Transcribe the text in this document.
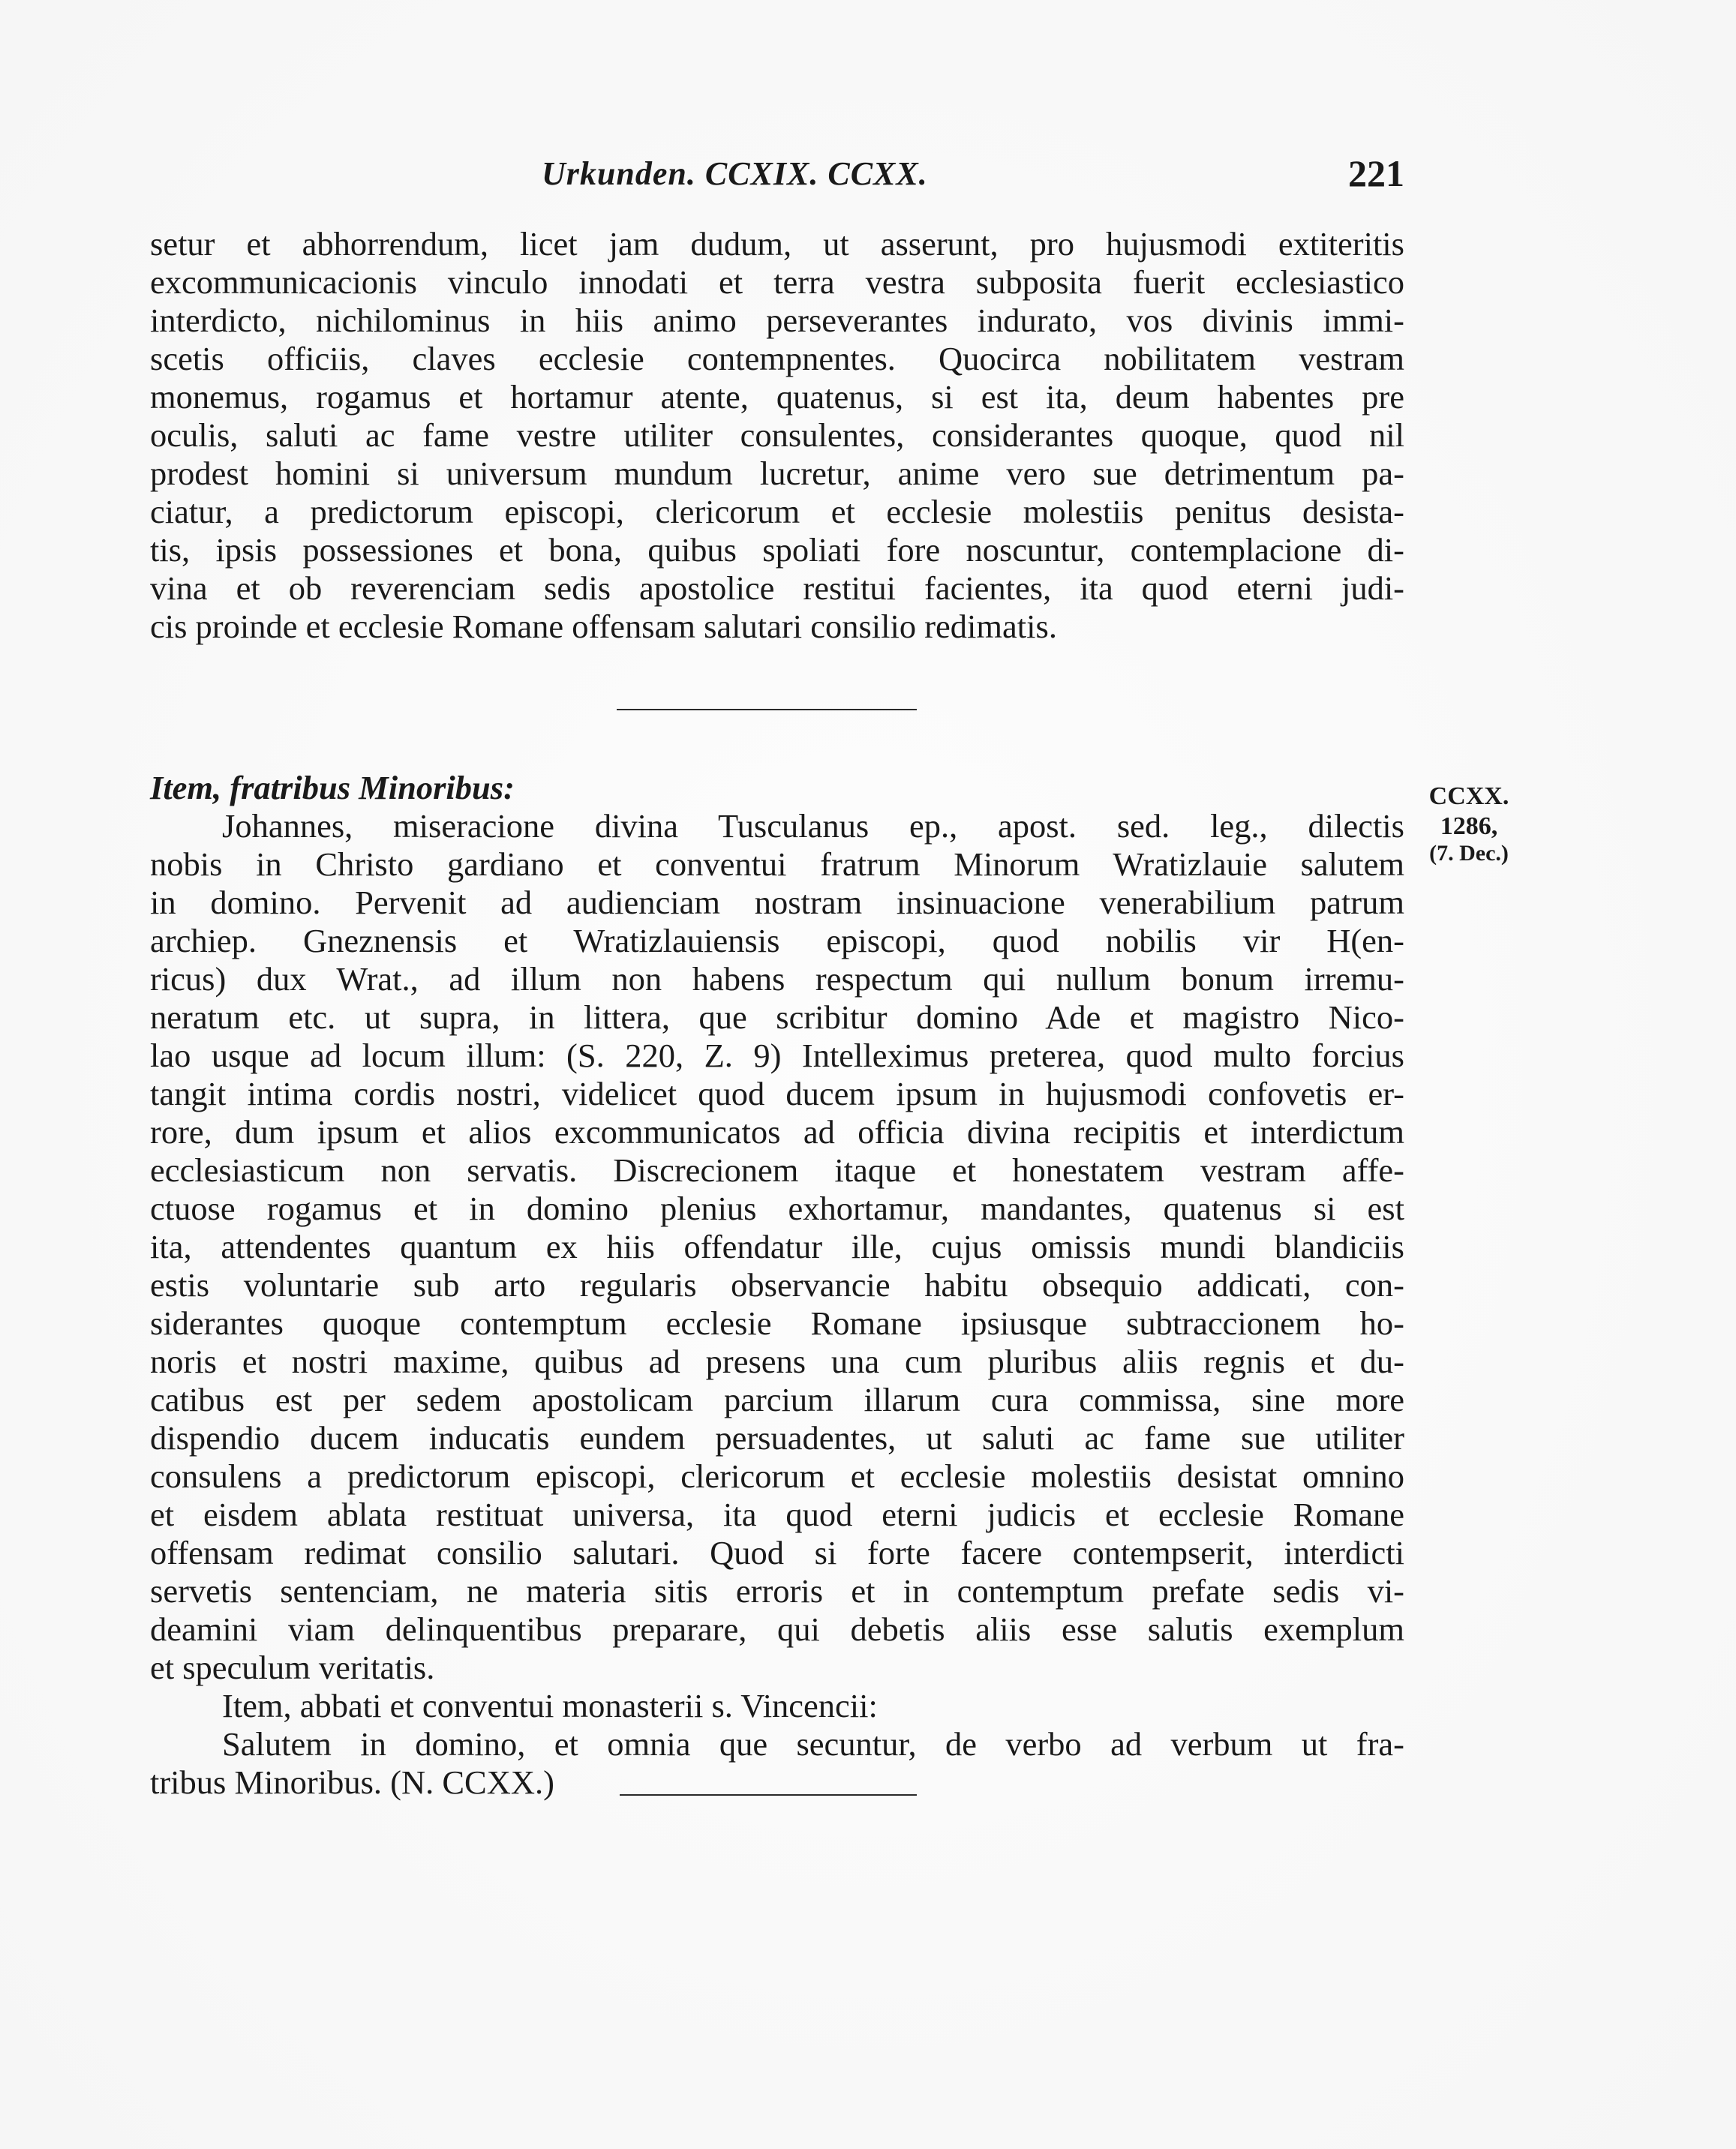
Urkunden. CCXIX. CCXX.	221
setur et abhorrendum, licet jam dudum, ut asserunt, pro hujusmodi extiteritis
excommunicacionis vinculo innodati et terra vestra subposita fuerit ecclesiastico
interdicto, nichilominus in hiis animo perseverantes indurato, vos divinis immi-
scetis officiis, claves ecclesie contempnentes. Quocirca nobilitatem vestram
monemus, rogamus et hortamur atente, quatenus, si est ita, deum habentes pre
oculis, saluti ac fame vestre utiliter consulentes, considerantes quoque, quod nil
prodest homini si universum mundum lucretur, anime vero sue detrimentum pa-
ciatur, a predictorum episcopi, clericorum et ecclesie molestiis penitus desista-
tis, ipsis possessiones et bona, quibus spoliati fore noscuntur, contemplacione di-
vina et ob reverenciam sedis apostolice restitui facientes, ita quod eterni judi-
cis proinde et ecclesie Romane offensam salutari consilio redimatis.
Item, fratribus Minoribus:
Johannes, miseracione divina Tusculanus ep., apost. sed. leg., dilectis
nobis in Christo gardiano et conventui fratrum Minorum Wratizlauie salutem
in domino. Pervenit ad audienciam nostram insinuacione venerabilium patrum
archiep. Gneznensis et Wratizlauiensis episcopi, quod nobilis vir H(en-
ricus) dux Wrat., ad illum non habens respectum qui nullum bonum irremu-
neratum etc. ut supra, in littera, que scribitur domino Ade et magistro Nico-
lao usque ad locum illum: (S. 220, Z. 9) Intelleximus preterea, quod multo forcius
tangit intima cordis nostri, videlicet quod ducem ipsum in hujusmodi confovetis er-
rore, dum ipsum et alios excommunicatos ad officia divina recipitis et interdictum
ecclesiasticum non servatis. Discrecionem itaque et honestatem vestram affe-
ctuose rogamus et in domino plenius exhortamur, mandantes, quatenus si est
ita, attendentes quantum ex hiis offendatur ille, cujus omissis mundi blandiciis
estis voluntarie sub arto regularis observancie habitu obsequio addicati, con-
siderantes quoque contemptum ecclesie Romane ipsiusque subtraccionem ho-
noris et nostri maxime, quibus ad presens una cum pluribus aliis regnis et du-
catibus est per sedem apostolicam parcium illarum cura commissa, sine more
dispendio ducem inducatis eundem persuadentes, ut saluti ac fame sue utiliter
consulens a predictorum episcopi, clericorum et ecclesie molestiis desistat omnino
et eisdem ablata restituat universa, ita quod eterni judicis et ecclesie Romane
offensam redimat consilio salutari. Quod si forte facere contempserit, interdicti
servetis sentenciam, ne materia sitis erroris et in contemptum prefate sedis vi-
deamini viam delinquentibus preparare, qui debetis aliis esse salutis exemplum
et speculum veritatis.
Item, abbati et conventui monasterii s. Vincencii:
Salutem in domino, et omnia que secuntur, de verbo ad verbum ut fra-
tribus Minoribus. (N. CCXX.)
CCXX.
1286,
(7. Dec.)
